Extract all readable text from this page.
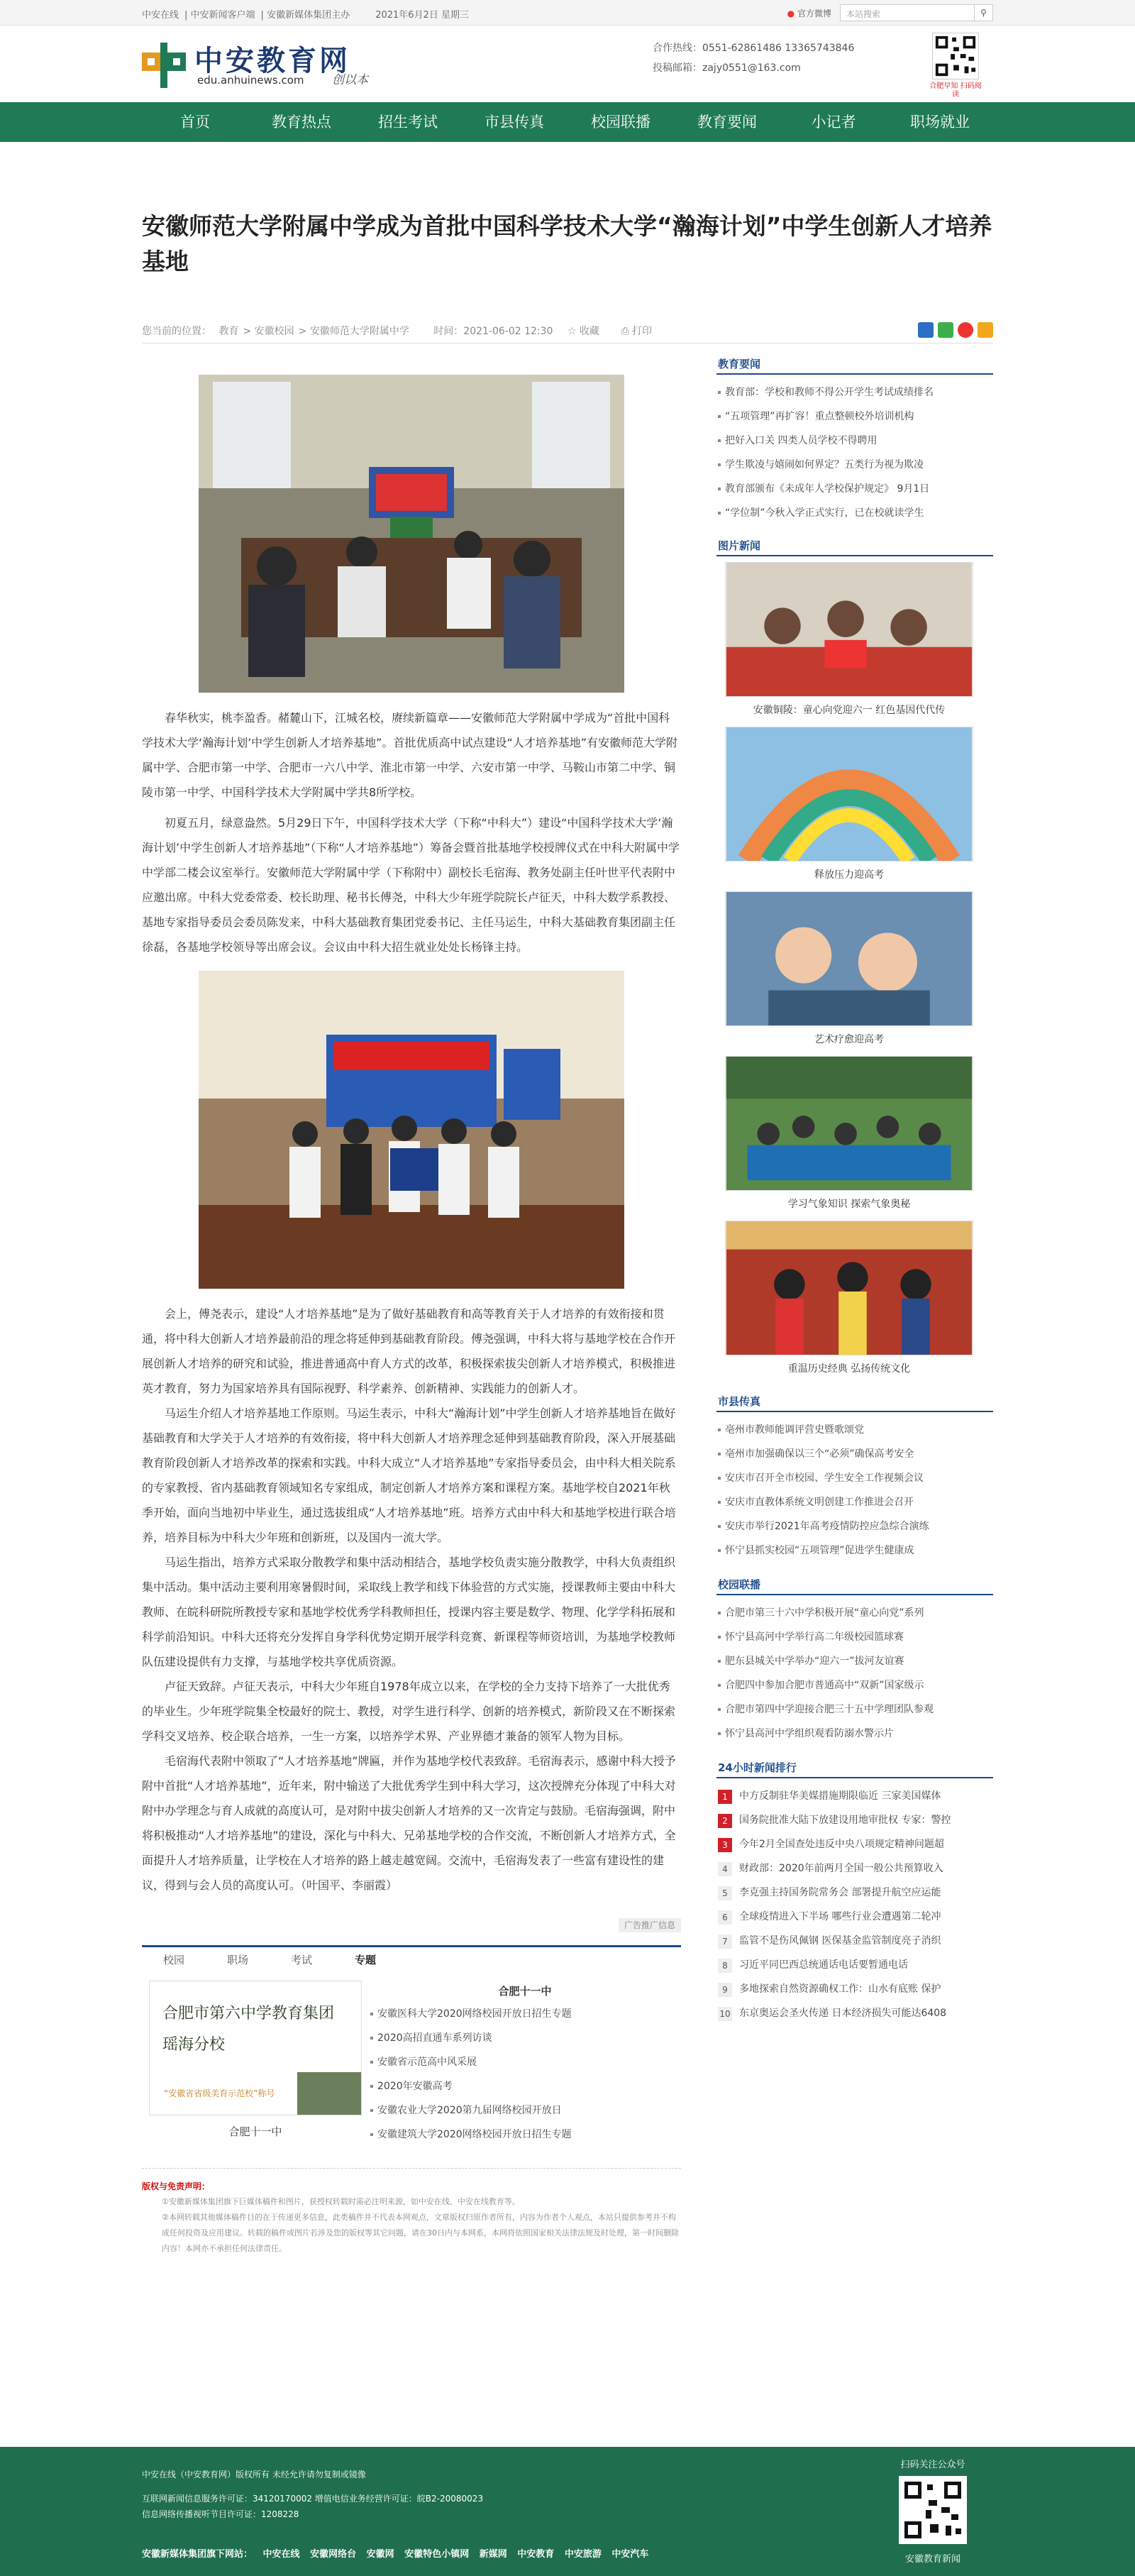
中安在线 | 中安新闻客户端 | 安徽新媒体集团主办	2021年6月2日 星期三	● 官方微博	本站搜索	⚲
中安教育网
edu.anhuinews.com 创以本
合作热线：0551-62861486 13365743846
投稿邮箱：zajy0551@163.com
合肥早知 扫码阅读
首页	教育热点	招生考试	市县传真	校园联播	教育要闻	小记者	职场就业
安徽师范大学附属中学成为首批中国科学技术大学“瀚海计划”中学生创新人才培养基地
您当前的位置： 教育 > 安徽校园 > 安徽师范大学附属中学 时间：2021-06-02 12:30 ☆ 收藏 ⎙ 打印

春华秋实，桃李盈香。赭麓山下，江城名校，赓续新篇章——安徽师范大学附属中学成为“首批中国科学技术大学‘瀚海计划’中学生创新人才培养基地”。首批优质高中试点建设“人才培养基地”有安徽师范大学附属中学、合肥市第一中学、合肥市一六八中学、淮北市第一中学、六安市第一中学、马鞍山市第二中学、铜陵市第一中学、中国科学技术大学附属中学共8所学校。

初夏五月，绿意盎然。5月29日下午，中国科学技术大学（下称“中科大”）建设“中国科学技术大学‘瀚海计划’中学生创新人才培养基地”（下称“人才培养基地”）筹备会暨首批基地学校授牌仪式在中科大附属中学中学部二楼会议室举行。安徽师范大学附属中学（下称附中）副校长毛宿海、教务处副主任叶世平代表附中应邀出席。中科大党委常委、校长助理、秘书长傅尧，中科大少年班学院院长卢征天，中科大数学系教授、基地专家指导委员会委员陈发来，中科大基础教育集团党委书记、主任马运生，中科大基础教育集团副主任徐磊，各基地学校领导等出席会议。会议由中科大招生就业处处长杨锋主持。

会上，傅尧表示，建设“人才培养基地”是为了做好基础教育和高等教育关于人才培养的有效衔接和贯通，将中科大创新人才培养最前沿的理念将延伸到基础教育阶段。傅尧强调，中科大将与基地学校在合作开展创新人才培养的研究和试验，推进普通高中育人方式的改革，积极探索拔尖创新人才培养模式，积极推进英才教育，努力为国家培养具有国际视野、科学素养、创新精神、实践能力的创新人才。

马运生介绍人才培养基地工作原则。马运生表示，中科大“瀚海计划”中学生创新人才培养基地旨在做好基础教育和大学关于人才培养的有效衔接，将中科大创新人才培养理念延伸到基础教育阶段，深入开展基础教育阶段创新人才培养改革的探索和实践。中科大成立“人才培养基地”专家指导委员会，由中科大相关院系的专家教授、省内基础教育领域知名专家组成，制定创新人才培养方案和课程方案。基地学校自2021年秋季开始，面向当地初中毕业生，通过选拔组成“人才培养基地”班。培养方式由中科大和基地学校进行联合培养，培养目标为中科大少年班和创新班，以及国内一流大学。

马运生指出，培养方式采取分散教学和集中活动相结合，基地学校负责实施分散教学，中科大负责组织集中活动。集中活动主要利用寒暑假时间，采取线上教学和线下体验营的方式实施，授课教师主要由中科大教师、在皖科研院所教授专家和基地学校优秀学科教师担任，授课内容主要是数学、物理、化学学科拓展和科学前沿知识。中科大还将充分发挥自身学科优势定期开展学科竞赛、新课程等师资培训，为基地学校教师队伍建设提供有力支撑，与基地学校共享优质资源。

卢征天致辞。卢征天表示，中科大少年班自1978年成立以来，在学校的全力支持下培养了一大批优秀的毕业生。少年班学院集全校最好的院士、教授，对学生进行科学、创新的培养模式，新阶段又在不断探索学科交叉培养、校企联合培养，一生一方案，以培养学术界、产业界德才兼备的领军人物为目标。

毛宿海代表附中领取了“人才培养基地”牌匾，并作为基地学校代表致辞。毛宿海表示，感谢中科大授予附中首批“人才培养基地”，近年来，附中输送了大批优秀学生到中科大学习，这次授牌充分体现了中科大对附中办学理念与育人成就的高度认可，是对附中拔尖创新人才培养的又一次肯定与鼓励。毛宿海强调，附中将积极推动“人才培养基地”的建设，深化与中科大、兄弟基地学校的合作交流，不断创新人才培养方式，全面提升人才培养质量，让学校在人才培养的路上越走越宽阔。交流中，毛宿海发表了一些富有建设性的建议，得到与会人员的高度认可。（叶国平、李丽霞）

广告推广信息
校园	职场	考试	专题
合肥市第六中学教育集团 瑶海分校
“安徽省省级美育示范校”称号
合肥十一中
合肥十一中
安徽医科大学2020网络校园开放日招生专题
2020高招直通车系列访谈
安徽省示范高中风采展
2020年安徽高考
安徽农业大学2020第九届网络校园开放日
安徽建筑大学2020网络校园开放日招生专题
版权与免责声明：
①安徽新媒体集团旗下巨媒体稿件和图片，获授权转载时需必注明来源，如中安在线、中安在线教育等。
②本网转载其他媒体稿件目的在于传递更多信息，此类稿件并不代表本网观点，文章版权归原作者所有，内容为作者个人观点，本站只提供参考并不构成任何投资及应用建议。转载的稿件或图片若涉及您的版权等其它问题，请在30日内与本网系，本网将依照国家相关法律法规及时处理，第一时间删除内容！本网亦不承担任何法律责任。
教育要闻
教育部：学校和教师不得公开学生考试成绩排名
“五项管理”再扩容！重点整顿校外培训机构
把好入口关 四类人员学校不得聘用
学生欺凌与嬉闹如何界定？五类行为视为欺凌
教育部颁布《未成年人学校保护规定》 9月1日
“学位制”今秋入学正式实行，已在校就读学生
图片新闻
安徽铜陵：童心向党迎六一 红色基因代代传
释放压力迎高考
艺术疗愈迎高考
学习气象知识 探索气象奥秘
重温历史经典 弘扬传统文化
市县传真
亳州市教师能调评营史暨歌颂党
亳州市加强确保以三个“必须”确保高考安全
安庆市召开全市校园、学生安全工作视频会议
安庆市直教体系统文明创建工作推进会召开
安庆市举行2021年高考疫情防控应急综合演练
怀宁县抓实校园“五项管理”促进学生健康成
校园联播
合肥市第三十六中学积极开展“童心向党”系列
怀宁县高河中学举行高二年级校园篮球赛
肥东县城关中学举办“迎六一”拔河友谊赛
合肥四中参加合肥市普通高中“双新”国家级示
合肥市第四中学迎接合肥三十五中学理团队参观
怀宁县高河中学组织观看防溺水警示片
24小时新闻排行
1	中方反制驻华美媒措施期限临近 三家美国媒体
2	国务院批准大陆下放建设用地审批权 专家：警控
3	今年2月全国查处违反中央八项规定精神问题超
4	财政部：2020年前两月全国一般公共预算收入
5	李克强主持国务院常务会 部署提升航空应运能
6	全球疫情进入下半场 哪些行业会遭遇第二轮冲
7	监管不是伤风佩钢 医保基金监管制度亮子消织
8	习近平同巴西总统通话电话要暂通电话
9	多地探索自然资源确权工作：山水有底账 保护
10 东京奥运会圣火传递 日本经济损失可能达6408
中安在线（中安教育网）版权所有 未经允许请勿复制或镜像
互联网新闻信息服务许可证：34120170002 增值电信业务经营许可证：皖B2-20080023
信息网络传播视听节目许可证：1208228
安徽新媒体集团旗下网站： 中安在线 安徽网络台 安徽网 安徽特色小镇网 新媒网 中安教育 中安旅游 中安汽车
扫码关注公众号
安徽教育新闻
